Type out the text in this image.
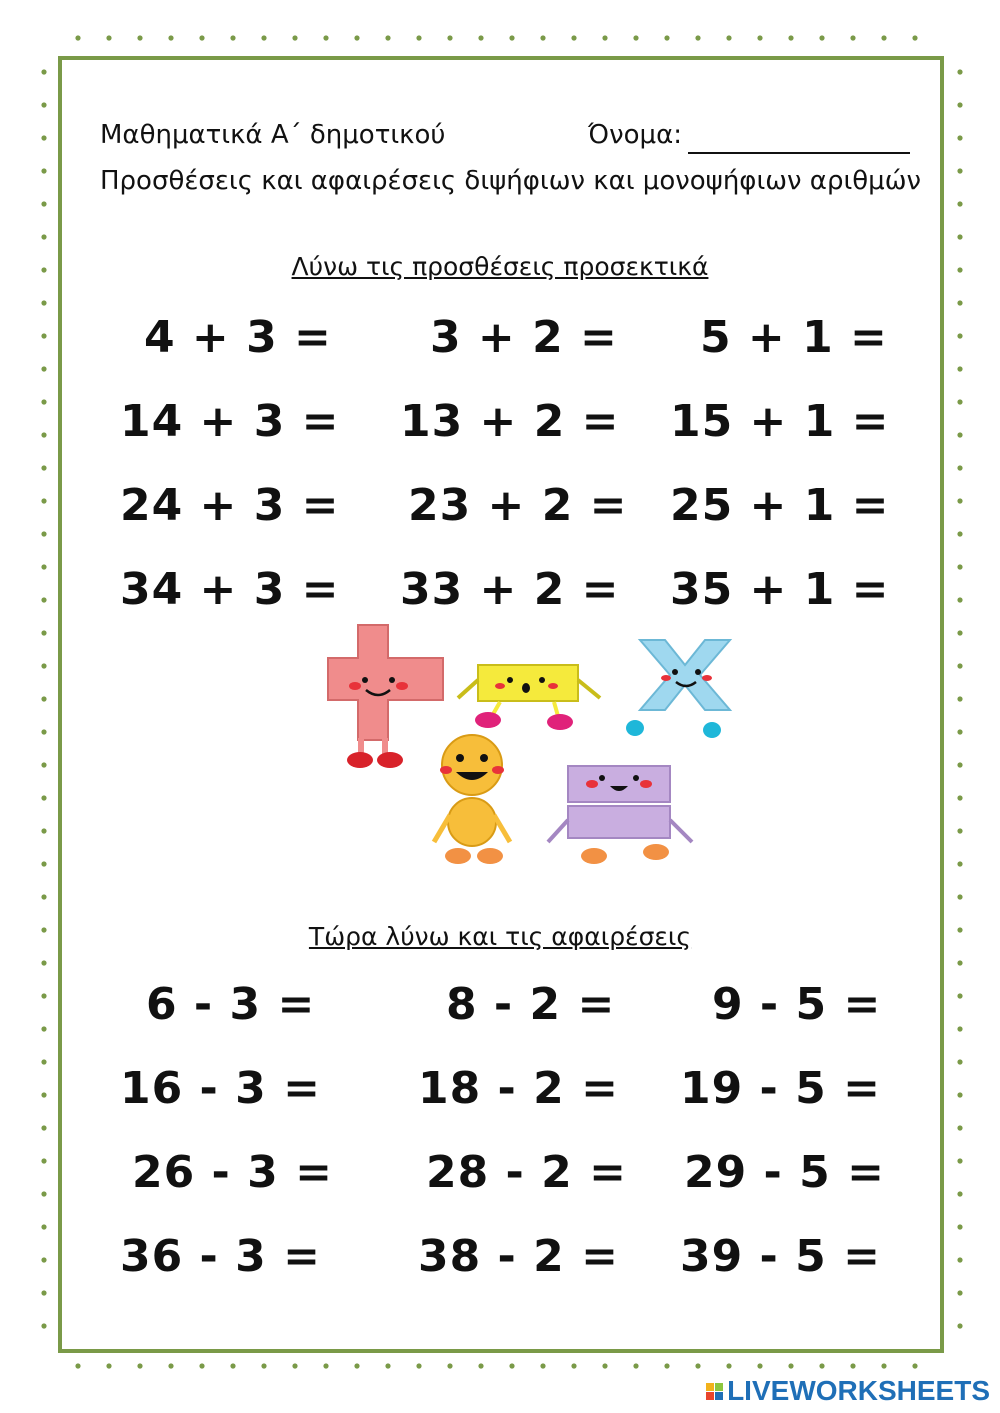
Μαθηματικά Α΄ δημοτικού	Όνομα:
Προσθέσεις και αφαιρέσεις διψήφιων και μονοψήφιων αριθμών
Λύνω τις προσθέσεις προσεκτικά
4 + 3 =	3 + 2 =	5 + 1 =
14 + 3 =	13 + 2 =	15 + 1 =
24 + 3 =	23 + 2 = 25 + 1 =
34 + 3 =	33 + 2 =	35 + 1 =
Τώρα λύνω και τις αφαιρέσεις
6 - 3 =	8 - 2 =	9 - 5 =
16 - 3 =	18 - 2 =	19 - 5 =
26 - 3 =	28 - 2 =	29 - 5 =
36 - 3 =	38 - 2 =	39 - 5 =
LIVEWORKSHEETS
